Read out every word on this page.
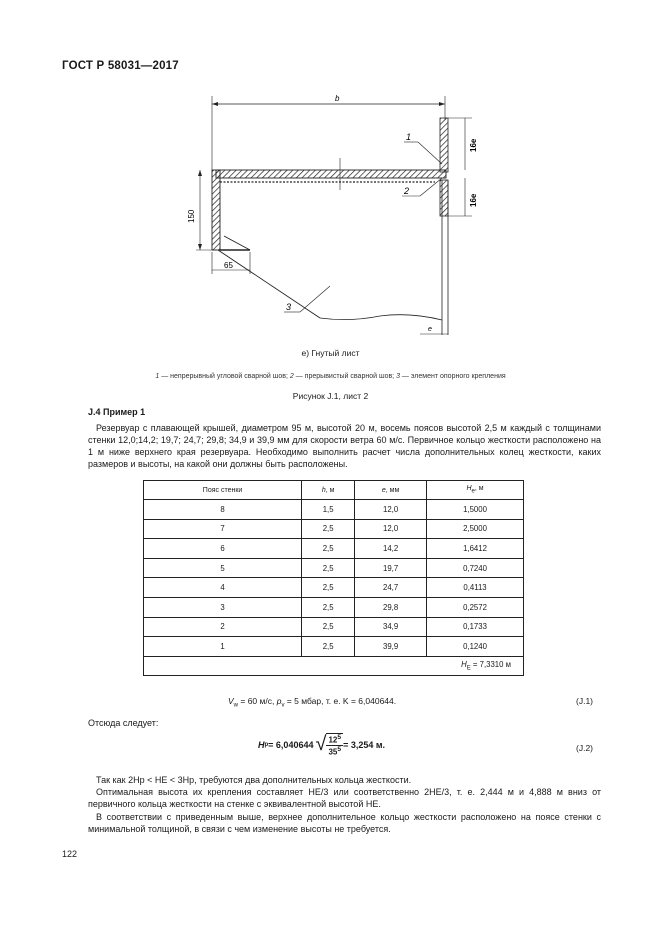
ГОСТ Р 58031—2017
b
150
65
16e
16e
e
1
2
3
е) Гнутый лист
1 — непрерывный угловой сварной шов; 2 — прерывистый сварной шов; 3 — элемент опорного крепления
Рисунок J.1, лист 2
J.4 Пример 1
Резервуар с плавающей крышей, диаметром 95 м, высотой 20 м, восемь поясов высотой 2,5 м каждый с толщинами стенки 12,0;14,2; 19,7; 24,7; 29,8; 34,9 и 39,9 мм для скорости ветра 60 м/с. Первичное кольцо жесткости расположено на 1 м ниже верхнего края резервуара. Необходимо выполнить расчет числа дополнительных колец жесткости, каких размеров и высоты, на какой они должны быть расположены.
Пояс стенки	h, м	e, мм	$H_e$, м
8	1,5	12,0	1,5000
7	2,5	12,0	2,5000
6	2,5	14,2	1,6412
5	2,5	19,7	0,7240
4	2,5	24,7	0,4113
3	2,5	29,8	0,2572
2	2,5	34,9	0,1733
1	2,5	39,9	0,1240
$H_E = 7,3310$ м			
$V_w = 60$ м/с, $p_v = 5$ мбар, т. е. K = 6,040644.	(J.1)
Отсюда следует:
H p = 6,040644 √ $\frac{12^5}{35^5} = 3,254$ м.	(J.2)
Так как 2Hp < HE < 3Hp, требуются два дополнительных кольца жесткости.
Оптимальная высота их крепления составляет HE/3 или соответственно 2HE/3, т. е. 2,444 м и 4,888 м вниз от первичного кольца жесткости на стенке с эквивалентной высотой HE.
В соответствии с приведенным выше, верхнее дополнительное кольцо жесткости расположено на поясе стенки с минимальной толщиной, в связи с чем изменение высоты не требуется.
122
